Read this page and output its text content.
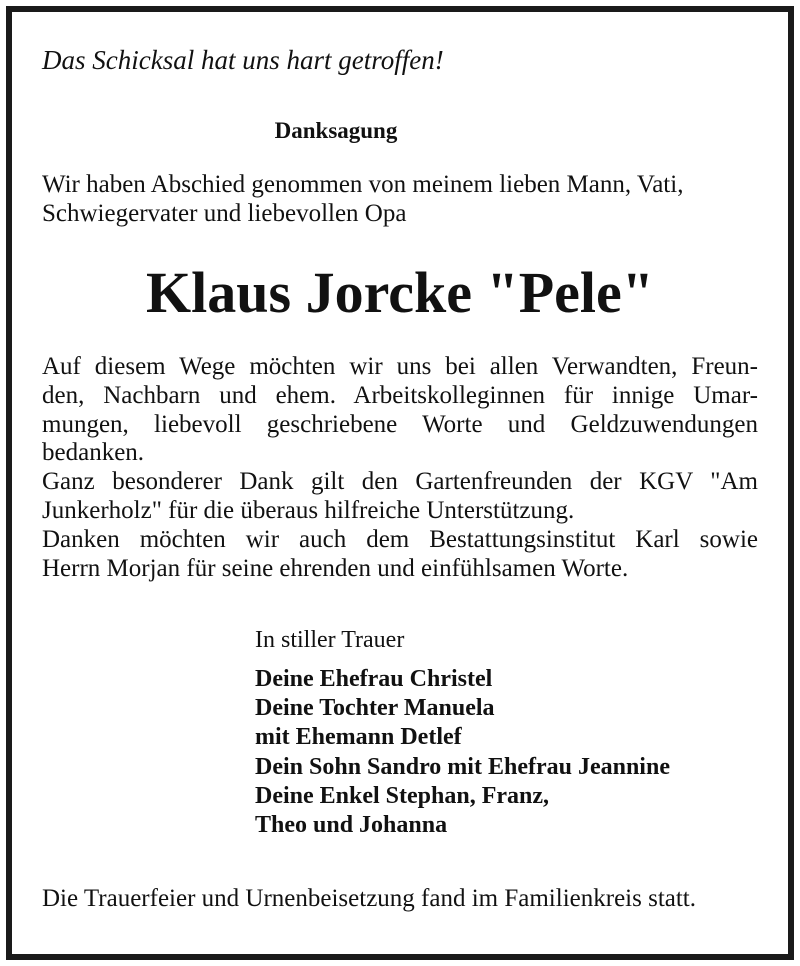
Das Schicksal hat uns hart getroffen!
Danksagung
Wir haben Abschied genommen von meinem lieben Mann, Vati,
Schwiegervater und liebevollen Opa
Klaus Jorcke "Pele"
Auf diesem Wege möchten wir uns bei allen Verwandten, Freun-
den, Nachbarn und ehem. Arbeitskolleginnen für innige Umar-
mungen, liebevoll geschriebene Worte und Geldzuwendungen
bedanken.
Ganz besonderer Dank gilt den Gartenfreunden der KGV "Am
Junkerholz" für die überaus hilfreiche Unterstützung.
Danken möchten wir auch dem Bestattungsinstitut Karl sowie
Herrn Morjan für seine ehrenden und einfühlsamen Worte.
In stiller Trauer
Deine Ehefrau Christel
Deine Tochter Manuela
mit Ehemann Detlef
Dein Sohn Sandro mit Ehefrau Jeannine
Deine Enkel Stephan, Franz,
Theo und Johanna
Die Trauerfeier und Urnenbeisetzung fand im Familienkreis statt.
